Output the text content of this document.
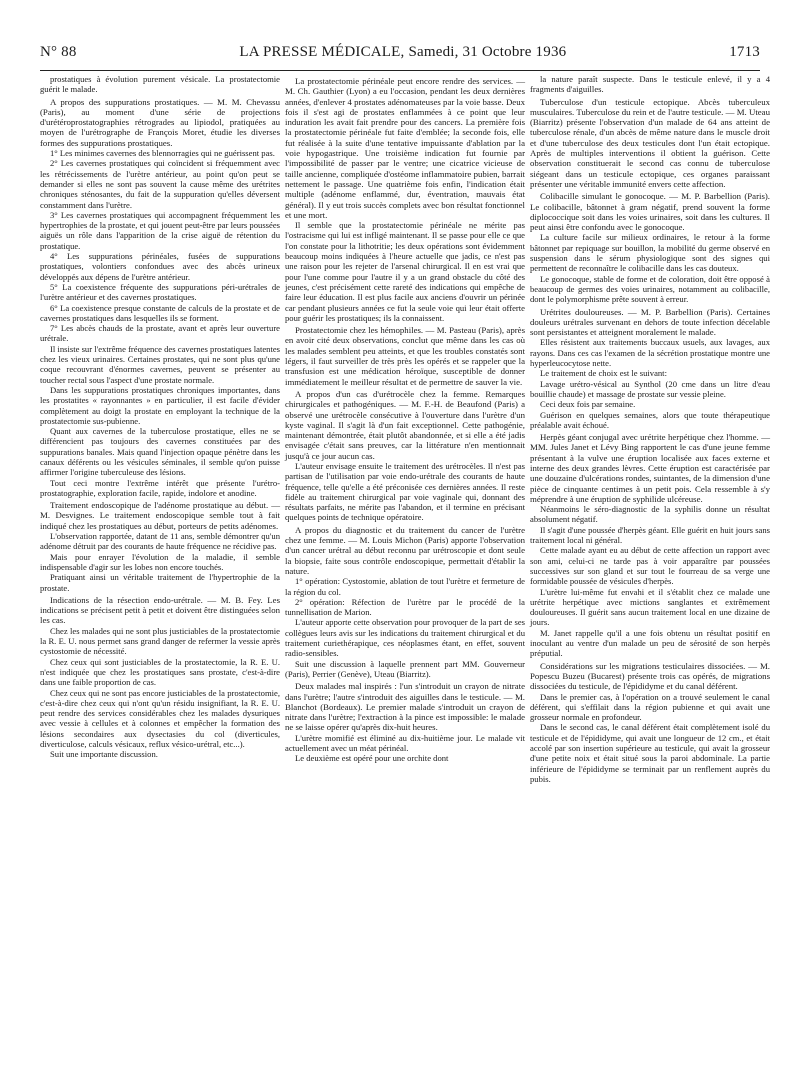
N° 88	LA PRESSE MÉDICALE, Samedi, 31 Octobre 1936	1713

prostatiques à évolution purement vésicale. La prostatectomie guérit le malade.

A propos des suppurations prostatiques. — M. M. Chevassu (Paris), au moment d'une série de projections d'urétéroprostatographies rétrogrades au lipiodol, pratiquées au moyen de l'urétrographe de François Moret, étudie les diverses formes des suppurations prostatiques.

1° Les minimes cavernes des blennorragies qui ne guérissent pas.

2° Les cavernes prostatiques qui coïncident si fréquemment avec les rétrécissements de l'urètre antérieur, au point qu'on peut se demander si elles ne sont pas souvent la cause même des urétrites chroniques sténosantes, du fait de la suppuration qu'elles déversent constamment dans l'urètre.

3° Les cavernes prostatiques qui accompagnent fréquemment les hypertrophies de la prostate, et qui jouent peut-être par leurs poussées aiguës un rôle dans l'apparition de la crise aiguë de rétention du prostatique.

4° Les suppurations périnéales, fusées de suppurations prostatiques, volontiers confondues avec des abcès urineux développés aux dépens de l'urètre antérieur.

5° La coexistence fréquente des suppurations péri-urétrales de l'urètre antérieur et des cavernes prostatiques.

6° La coexistence presque constante de calculs de la prostate et de cavernes prostatiques dans lesquelles ils se forment.

7° Les abcès chauds de la prostate, avant et après leur ouverture urétrale.

Il insiste sur l'extrême fréquence des cavernes prostatiques latentes chez les vieux urinaires. Certaines prostates, qui ne sont plus qu'une coque recouvrant d'énormes cavernes, peuvent se présenter au toucher rectal sous l'aspect d'une prostate normale.

Dans les suppurations prostatiques chroniques importantes, dans les prostatites « rayonnantes » en particulier, il est facile d'évider complètement au doigt la prostate en employant la technique de la prostatectomie sus-pubienne.

Quant aux cavernes de la tuberculose prostatique, elles ne se différencient pas toujours des cavernes constituées par des suppurations banales. Mais quand l'injection opaque pénètre dans les canaux déférents ou les vésicules séminales, il semble qu'on puisse affirmer l'origine tuberculeuse des lésions.

Tout ceci montre l'extrême intérêt que présente l'urétro-prostatographie, exploration facile, rapide, indolore et anodine.

Traitement endoscopique de l'adénome prostatique au début. — M. Desvignes. Le traitement endoscopique semble tout à fait indiqué chez les prostatiques au début, porteurs de petits adénomes.

L'observation rapportée, datant de 11 ans, semble démontrer qu'un adénome détruit par des courants de haute fréquence ne récidive pas.

Mais pour enrayer l'évolution de la maladie, il semble indispensable d'agir sur les lobes non encore touchés.

Pratiquant ainsi un véritable traitement de l'hypertrophie de la prostate.

Indications de la résection endo-urétrale. — M. B. Fey. Les indications se précisent petit à petit et doivent être distinguées selon les cas.

Chez les malades qui ne sont plus justiciables de la prostatectomie la R. E. U. nous permet sans grand danger de refermer la vessie après cystostomie de nécessité.

Chez ceux qui sont justiciables de la prostatectomie, la R. E. U. n'est indiquée que chez les prostatiques sans prostate, c'est-à-dire dans une faible proportion de cas.

Chez ceux qui ne sont pas encore justiciables de la prostatectomie, c'est-à-dire chez ceux qui n'ont qu'un résidu insignifiant, la R. E. U. peut rendre des services considérables chez les malades dysuriques avec vessie à cellules et à colonnes et empêcher la formation des lésions secondaires aux dysectasies du col (diverticules, diverticulose, calculs vésicaux, reflux vésico-urétral, etc...).

Suit une importante discussion.

La prostatectomie périnéale peut encore rendre des services. — M. Ch. Gauthier (Lyon) a eu l'occasion, pendant les deux dernières années, d'enlever 4 prostates adénomateuses par la voie basse. Deux fois il s'est agi de prostates enflammées à ce point que leur induration les avait fait prendre pour des cancers. La première fois la prostatectomie périnéale fut faite d'emblée; la seconde fois, elle fut réalisée à la suite d'une tentative impuissante d'ablation par la voie hypogastrique. Une troisième indication fut fournie par l'impossibilité de passer par le ventre; une cicatrice vicieuse de taille ancienne, compliquée d'ostéome inflammatoire pubien, barrait nettement le passage. Une quatrième fois enfin, l'indication était multiple (adénome enflammé, dur, éventration, mauvais état général). Il y eut trois succès complets avec bon résultat fonctionnel et une mort.

Il semble que la prostatectomie périnéale ne mérite pas l'ostracisme qui lui est infligé maintenant. Il se passe pour elle ce que l'on constate pour la lithotritie; les deux opérations sont évidemment beaucoup moins indiquées à l'heure actuelle que jadis, ce n'est pas une raison pour les rejeter de l'arsenal chirurgical. Il en est vrai que pour l'une comme pour l'autre il y a un grand obstacle du côté des jeunes, c'est précisément cette rareté des indications qui empêche de faire leur éducation. Il est plus facile aux anciens d'ouvrir un périnée car pendant plusieurs années ce fut la seule voie qui leur était offerte pour guérir les prostatiques; ils la connaissent.

Prostatectomie chez les hémophiles. — M. Pasteau (Paris), après en avoir cité deux observations, conclut que même dans les cas où les malades semblent peu atteints, et que les troubles constatés sont légers, il faut surveiller de très près les opérés et se rappeler que la transfusion est une médication héroïque, susceptible de donner immédiatement le meilleur résultat et de permettre de sauver la vie.
A propos d'un cas d'urétrocèle chez la femme. Remarques chirurgicales et pathogéniques. — M. F.-H. de Beaufond (Paris) a observé une urétrocèle consécutive à l'ouverture dans l'urètre d'un kyste vaginal. Il s'agit là d'un fait exceptionnel. Cette pathogénie, maintenant démontrée, était plutôt abandonnée, et si elle a été jadis envisagée c'était sans preuves, car la littérature n'en mentionnait jusqu'à ce jour aucun cas.

L'auteur envisage ensuite le traitement des urétrocèles. Il n'est pas partisan de l'utilisation par voie endo-urétrale des courants de haute fréquence, telle qu'elle a été préconisée ces dernières années. Il reste fidèle au traitement chirurgical par voie vaginale qui, donnant des résultats parfaits, ne mérite pas l'abandon, et il termine en précisant quelques points de technique opératoire.

A propos du diagnostic et du traitement du cancer de l'urètre chez une femme. — M. Louis Michon (Paris) apporte l'observation d'un cancer urétral au début reconnu par urétroscopie et dont seule la biopsie, faite sous contrôle endoscopique, permettait d'établir la nature.

1° opération: Cystostomie, ablation de tout l'urètre et fermeture de la région du col.

2° opération: Réfection de l'urètre par le procédé de la tunnellisation de Marion.

L'auteur apporte cette observation pour provoquer de la part de ses collègues leurs avis sur les indications du traitement chirurgical et du traitement curiethérapique, ces néoplasmes étant, en effet, souvent radio-sensibles.

Suit une discussion à laquelle prennent part MM. Gouverneur (Paris), Perrier (Genève), Uteau (Biarritz).

Deux malades mal inspirés : l'un s'introduit un crayon de nitrate dans l'urètre; l'autre s'introduit des aiguilles dans le testicule. — M. Blanchot (Bordeaux). Le premier malade s'introduit un crayon de nitrate dans l'urètre; l'extraction à la pince est impossible: le malade ne se laisse opérer qu'après dix-huit heures.

L'urètre momifié est éliminé au dix-huitième jour. Le malade vit actuellement avec un méat périnéal.

Le deuxième est opéré pour une orchite dont

la nature paraît suspecte. Dans le testicule enlevé, il y a 4 fragments d'aiguilles.

Tuberculose d'un testicule ectopique. Abcès tuberculeux musculaires. Tuberculose du rein et de l'autre testicule. — M. Uteau (Biarritz) présente l'observation d'un malade de 64 ans atteint de tuberculose rénale, d'un abcès de même nature dans le muscle droit et d'une tuberculose des deux testicules dont l'un était ectopique. Après de multiples interventions il obtient la guérison. Cette observation constituerait le second cas connu de tuberculose siégeant dans un testicule ectopique, ces organes paraissant présenter une véritable immunité envers cette affection.
Colibacille simulant le gonocoque. — M. P. Barbellion (Paris). Le colibacille, bâtonnet à gram négatif, prend souvent la forme diplococcique soit dans les voies urinaires, soit dans les cultures. Il peut ainsi être confondu avec le gonocoque.

La culture facile sur milieux ordinaires, le retour à la forme bâtonnet par repiquage sur bouillon, la mobilité du germe observé en suspension dans le sérum physiologique sont des signes qui permettent de reconnaître le colibacille dans les cas douteux.

Le gonocoque, stable de forme et de coloration, doit être opposé à beaucoup de germes des voies urinaires, notamment au colibacille, dont le polymorphisme prête souvent à erreur.

Urétrites douloureuses. — M. P. Barbellion (Paris). Certaines douleurs urétrales survenant en dehors de toute infection décelable sont persistantes et atteignent moralement le malade.

Elles résistent aux traitements buccaux usuels, aux lavages, aux rayons. Dans ces cas l'examen de la sécrétion prostatique montre une hyperleucocytose nette.

Le traitement de choix est le suivant:

Lavage urétro-vésical au Synthol (20 cme dans un litre d'eau bouillie chaude) et massage de prostate sur vessie pleine.

Ceci deux fois par semaine.

Guérison en quelques semaines, alors que toute thérapeutique préalable avait échoué.

Herpès géant conjugal avec urétrite herpétique chez l'homme. — MM. Jules Janet et Lévy Bing rapportent le cas d'une jeune femme présentant à la vulve une éruption localisée aux faces externe et interne des deux grandes lèvres. Cette éruption est caractérisée par une douzaine d'ulcérations rondes, suintantes, de la dimension d'une pièce de cinquante centimes à un petit pois. Cela ressemble à s'y méprendre à une éruption de syphilide ulcéreuse.

Néanmoins le séro-diagnostic de la syphilis donne un résultat absolument négatif.

Il s'agit d'une poussée d'herpès géant. Elle guérit en huit jours sans traitement local ni général.

Cette malade ayant eu au début de cette affection un rapport avec son ami, celui-ci ne tarde pas à voir apparaître par poussées successives sur son gland et sur tout le fourreau de sa verge une formidable poussée de vésicules d'herpès.

L'urètre lui-même fut envahi et il s'établit chez ce malade une urétrite herpétique avec mictions sanglantes et extrêmement douloureuses. Il guérit sans aucun traitement local en une dizaine de jours.

M. Janet rappelle qu'il a une fois obtenu un résultat positif en inoculant au ventre d'un malade un peu de sérosité de son herpès préputial.

Considérations sur les migrations testiculaires dissociées. — M. Popescu Buzeu (Bucarest) présente trois cas opérés, de migrations dissociées du testicule, de l'épididyme et du canal déférent.

Dans le premier cas, à l'opération on a trouvé seulement le canal déférent, qui s'effilait dans la région pubienne et qui avait une grosseur normale en profondeur.

Dans le second cas, le canal déférent était complètement isolé du testicule et de l'épididyme, qui avait une longueur de 12 cm., et était accolé par son insertion supérieure au testicule, qui avait la grosseur d'une petite noix et était situé sous la paroi abdominale. La partie inférieure de l'épididyme se terminait par un renflement auprès du pubis.
